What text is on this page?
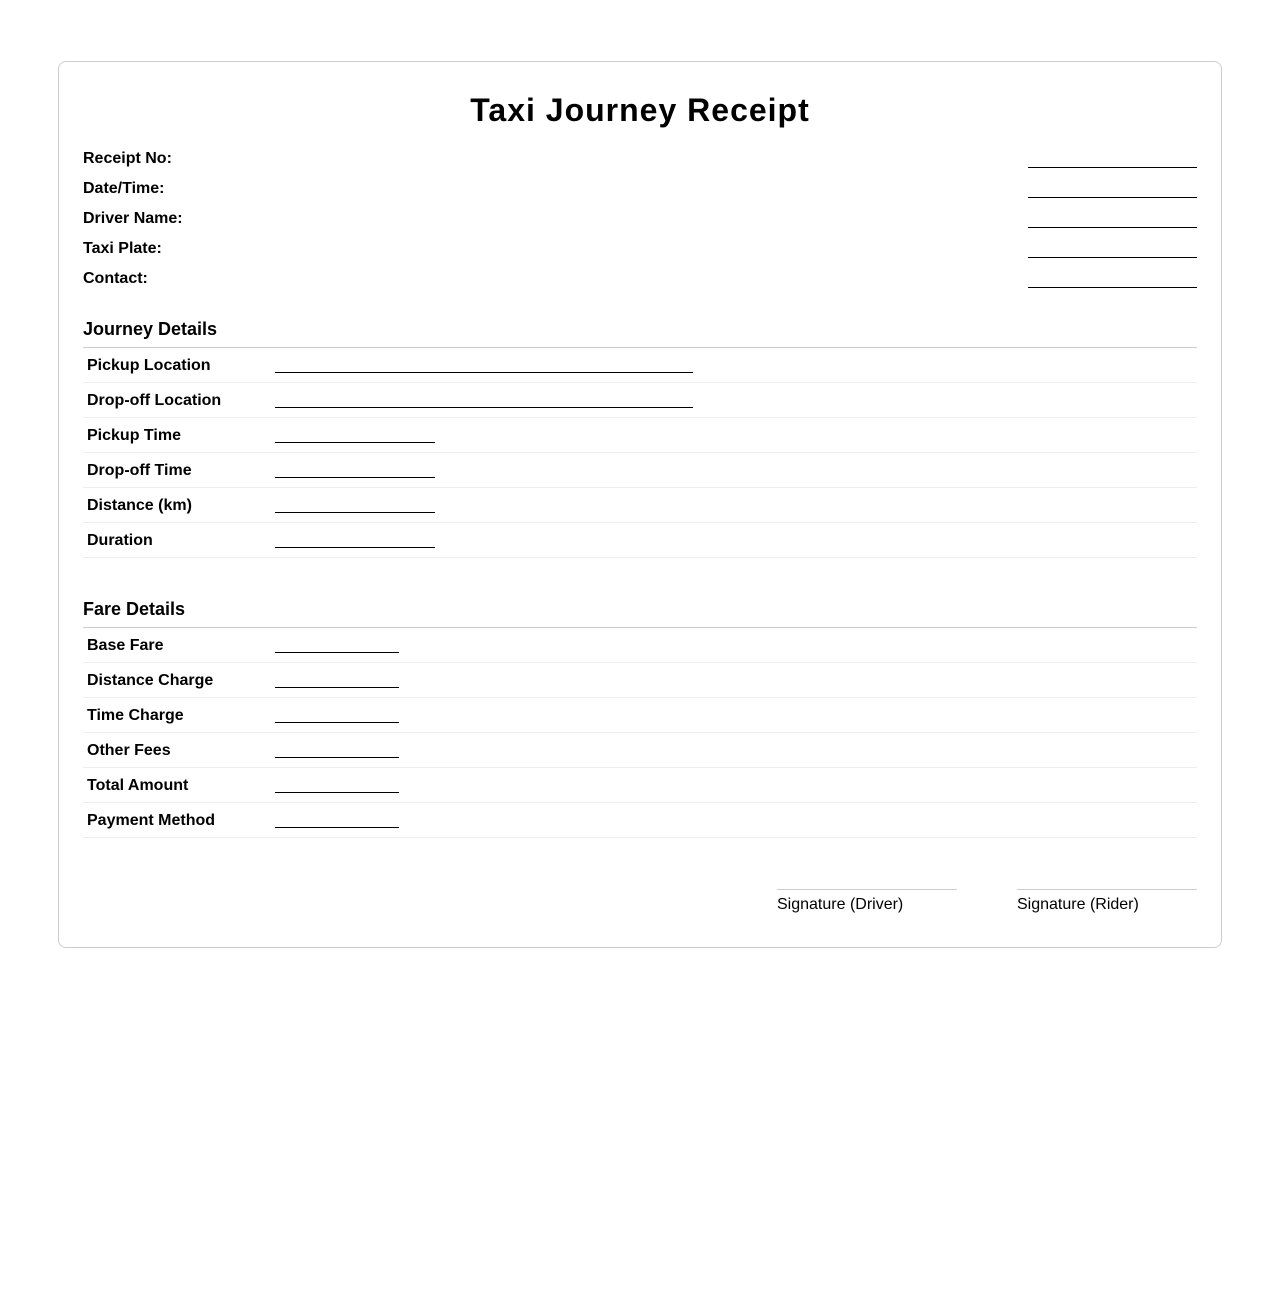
Taxi Journey Receipt
Receipt No:
Date/Time:
Driver Name:
Taxi Plate:
Contact:
Journey Details
Pickup Location
Drop-off Location
Pickup Time
Drop-off Time
Distance (km)
Duration
Fare Details
Base Fare
Distance Charge
Time Charge
Other Fees
Total Amount
Payment Method
Signature (Driver)	Signature (Rider)
